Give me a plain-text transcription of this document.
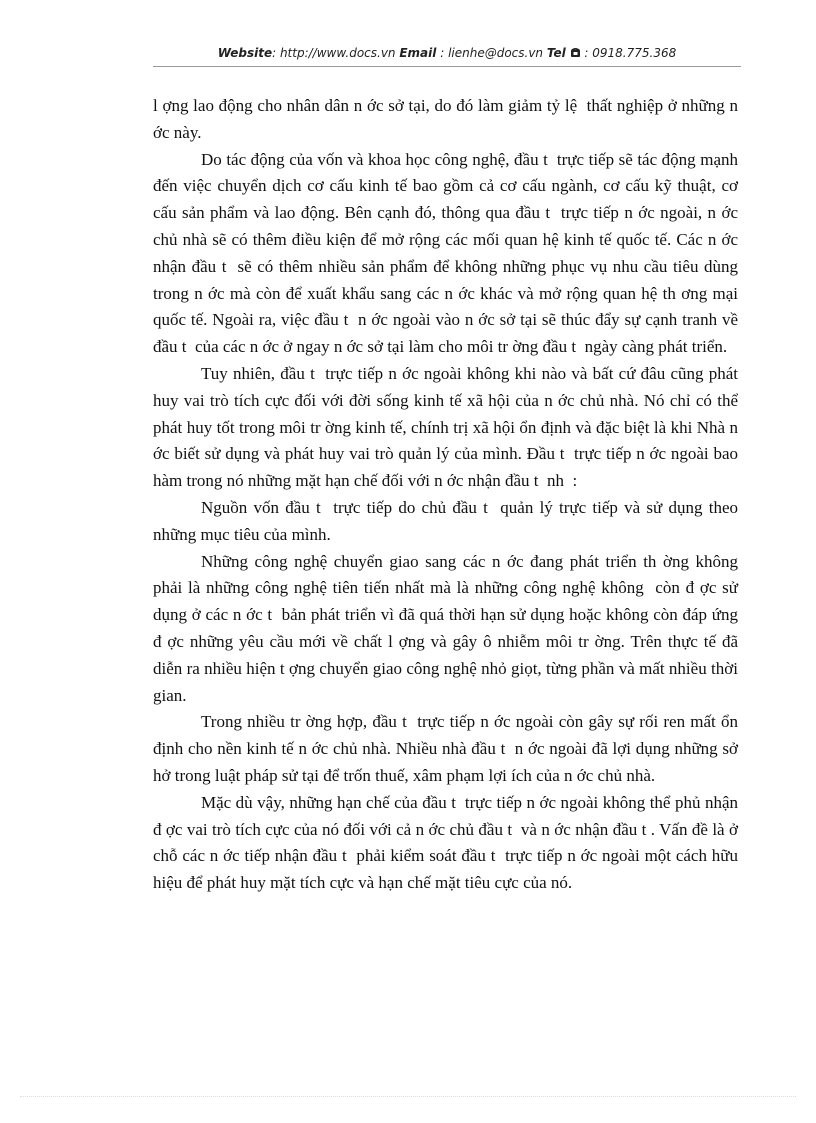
Website: http://www.docs.vn Email : lienhe@docs.vn Tel  : 0918.775.368

l ợng lao động cho nhân dân n ớc sở tại, do đó làm giảm tỷ lệ  thất nghiệp ở những n ớc này.

Do tác động của vốn và khoa học công nghệ, đầu t  trực tiếp sẽ tác động mạnh đến việc chuyển dịch cơ cấu kinh tế bao gồm cả cơ cấu ngành, cơ cấu kỹ thuật, cơ cấu sản phẩm và lao động. Bên cạnh đó, thông qua đầu t  trực tiếp n ớc ngoài, n ớc chủ nhà sẽ có thêm điều kiện để mở rộng các mối quan hệ kinh tế quốc tế. Các n ớc nhận đầu t  sẽ có thêm nhiều sản phẩm để không những phục vụ nhu cầu tiêu dùng trong n ớc mà còn để xuất khẩu sang các n ớc khác và mở rộng quan hệ th ơng mại quốc tế. Ngoài ra, việc đầu t  n ớc ngoài vào n ớc sở tại sẽ thúc đẩy sự cạnh tranh về đầu t  của các n ớc ở ngay n ớc sở tại làm cho môi tr ờng đầu t  ngày càng phát triển.

Tuy nhiên, đầu t  trực tiếp n ớc ngoài không khi nào và bất cứ đâu cũng phát huy vai trò tích cực đối với đời sống kinh tế xã hội của n ớc chủ nhà. Nó chỉ có thể phát huy tốt trong môi tr ờng kinh tế, chính trị xã hội ổn định và đặc biệt là khi Nhà n ớc biết sử dụng và phát huy vai trò quản lý của mình. Đầu t  trực tiếp n ớc ngoài bao hàm trong nó những mặt hạn chế đối với n ớc nhận đầu t  nh  :

Nguồn vốn đầu t  trực tiếp do chủ đầu t  quản lý trực tiếp và sử dụng theo những mục tiêu của mình.

Những công nghệ chuyển giao sang các n ớc đang phát triển th ờng không phải là những công nghệ tiên tiến nhất mà là những công nghệ không  còn đ ợc sử dụng ở các n ớc t  bản phát triển vì đã quá thời hạn sử dụng hoặc không còn đáp ứng đ ợc những yêu cầu mới về chất l ợng và gây ô nhiễm môi tr ờng. Trên thực tế đã diễn ra nhiều hiện t ợng chuyển giao công nghệ nhỏ giọt, từng phần và mất nhiều thời gian.

Trong nhiều tr ờng hợp, đầu t  trực tiếp n ớc ngoài còn gây sự rối ren mất ổn định cho nền kinh tế n ớc chủ nhà. Nhiều nhà đầu t  n ớc ngoài đã lợi dụng những sở hở trong luật pháp sử tại để trốn thuế, xâm phạm lợi ích của n ớc chủ nhà.

Mặc dù vậy, những hạn chế của đầu t  trực tiếp n ớc ngoài không thể phủ nhận đ ợc vai trò tích cực của nó đối với cả n ớc chủ đầu t  và n ớc nhận đầu t . Vấn đề là ở chỗ các n ớc tiếp nhận đầu t  phải kiểm soát đầu t  trực tiếp n ớc ngoài một cách hữu hiệu để phát huy mặt tích cực và hạn chế mặt tiêu cực của nó.
